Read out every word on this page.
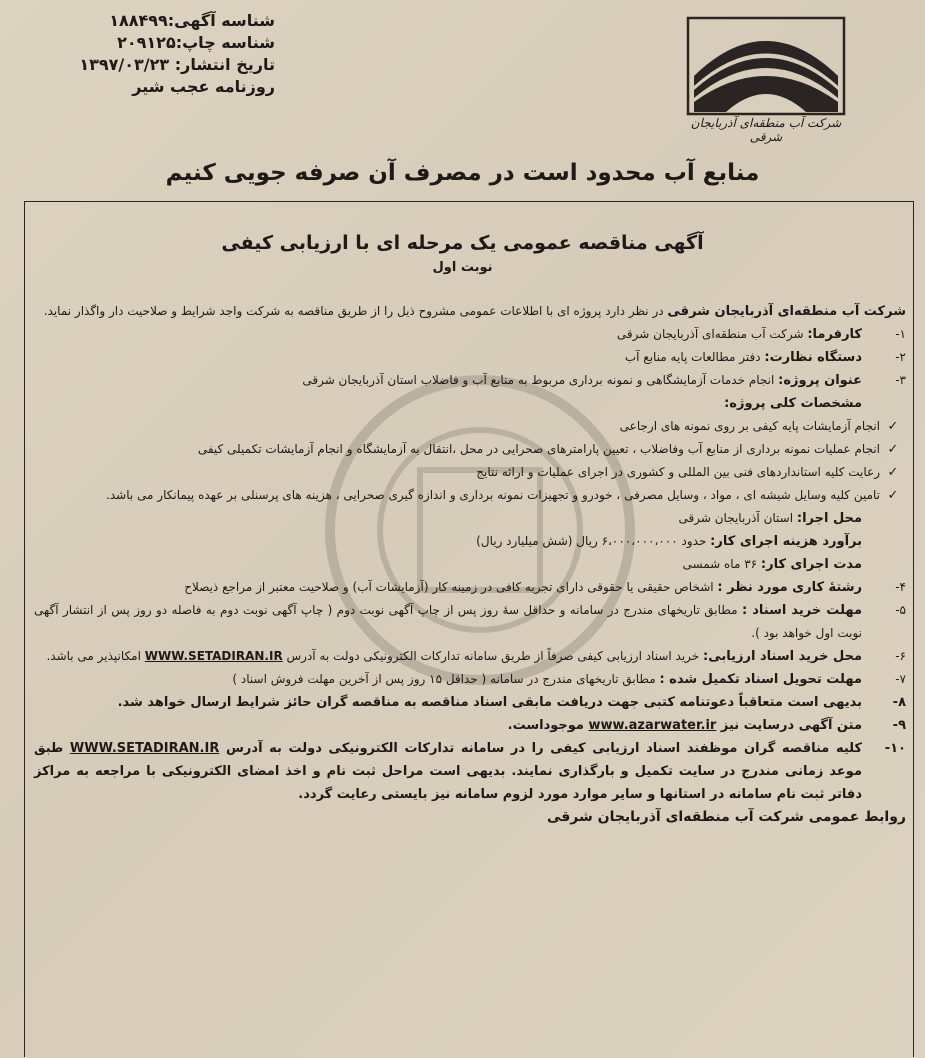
شناسه آگهی:۱۸۸۴۹۹
شناسه چاپ:۲۰۹۱۲۵
تاریخ انتشار: ۱۳۹۷/۰۳/۲۳
روزنامه عجب شیر
شرکت آب منطقه‌ای آذربایجان شرقی
منابع آب محدود است در مصرف آن صرفه جویی کنیم
آگهی مناقصه عمومی یک مرحله ای با ارزیابی کیفی
نوبت اول

شرکت آب منطقه‌ای آذربایجان شرقی در نظر دارد پروژه ای با اطلاعات عمومی مشروح ذیل را از طریق مناقصه به شرکت واجد شرایط و صلاحیت دار واگذار نماید.

۱-
کارفرما: شرکت آب منطقه‌ای آذربایجان شرقی
۲-
دستگاه نظارت: دفتر مطالعات پایه منابع آب
۳-
عنوان پروژه: انجام خدمات آزمایشگاهی و نمونه برداری مربوط به منابع آب و فاضلاب استان آذربایجان شرقی
مشخصات کلی پروژه:
✓
انجام آزمایشات پایه کیفی بر روی نمونه های ارجاعی
✓
انجام عملیات نمونه برداری از منابع آب وفاضلاب ، تعیین پارامترهای صحرایی در محل ،انتقال به آزمایشگاه و انجام آزمایشات تکمیلی کیفی
✓
رعایت کلیه استانداردهای فنی بین المللی و کشوری در اجرای عملیات و ارائه نتایج
✓
تامین کلیه وسایل شیشه ای ، مواد ، وسایل مصرفی ، خودرو و تجهیزات نمونه برداری و اندازه گیری صحرایی ، هزینه های پرسنلی بر عهده پیمانکار می باشد.
محل اجرا: استان آذربایجان شرقی
برآورد هزینه اجرای کار: حدود ۶،۰۰۰،۰۰۰،۰۰۰ ریال (شش میلیارد ریال)
مدت اجرای کار: ۳۶ ماه شمسی
۴-
رشتهٔ کاری مورد نظر : اشخاص حقیقی یا حقوقی دارای تجربه کافی در زمینه کار (آزمایشات آب) و صلاحیت معتبر از مراجع ذیصلاح
۵-
مهلت خرید اسناد : مطابق تاریخهای مندرج در سامانه و حداقل سهٔ روز پس از چاپ آگهی نوبت دوم ( چاپ آگهی نوبت دوم به فاصله دو روز پس از انتشار آگهی نوبت اول خواهد بود ).
۶-
محل خرید اسناد ارزیابی: خرید اسناد ارزیابی کیفی صرفاً از طریق سامانه تدارکات الکترونیکی دولت به آدرس WWW.SETADIRAN.IR امکانپذیر می باشد.
۷-
مهلت تحویل اسناد تکمیل شده : مطابق تاریخهای مندرج در سامانه ( حداقل ۱۵ روز پس از آخرین مهلت فروش اسناد )
۸-
بدیهی است متعاقباً دعوتنامه کتبی جهت دریافت مابقی اسناد مناقصه به مناقصه گران حائز شرایط ارسال خواهد شد.
۹-
متن آگهی درسایت نیز www.azarwater.ir موجوداست.
۱۰-
کلیه مناقصه گران موظفند اسناد ارزیابی کیفی را در سامانه تدارکات الکترونیکی دولت به آدرس WWW.SETADIRAN.IR طبق موعد زمانی مندرج در سایت تکمیل و بارگذاری نمایند. بدیهی است مراحل ثبت نام و اخذ امضای الکترونیکی با مراجعه به مراکز دفاتر ثبت نام سامانه در استانها و سایر موارد مورد لزوم سامانه نیز بایستی رعایت گردد.
روابط عمومی شرکت آب منطقه‌ای آذربایجان شرقی
